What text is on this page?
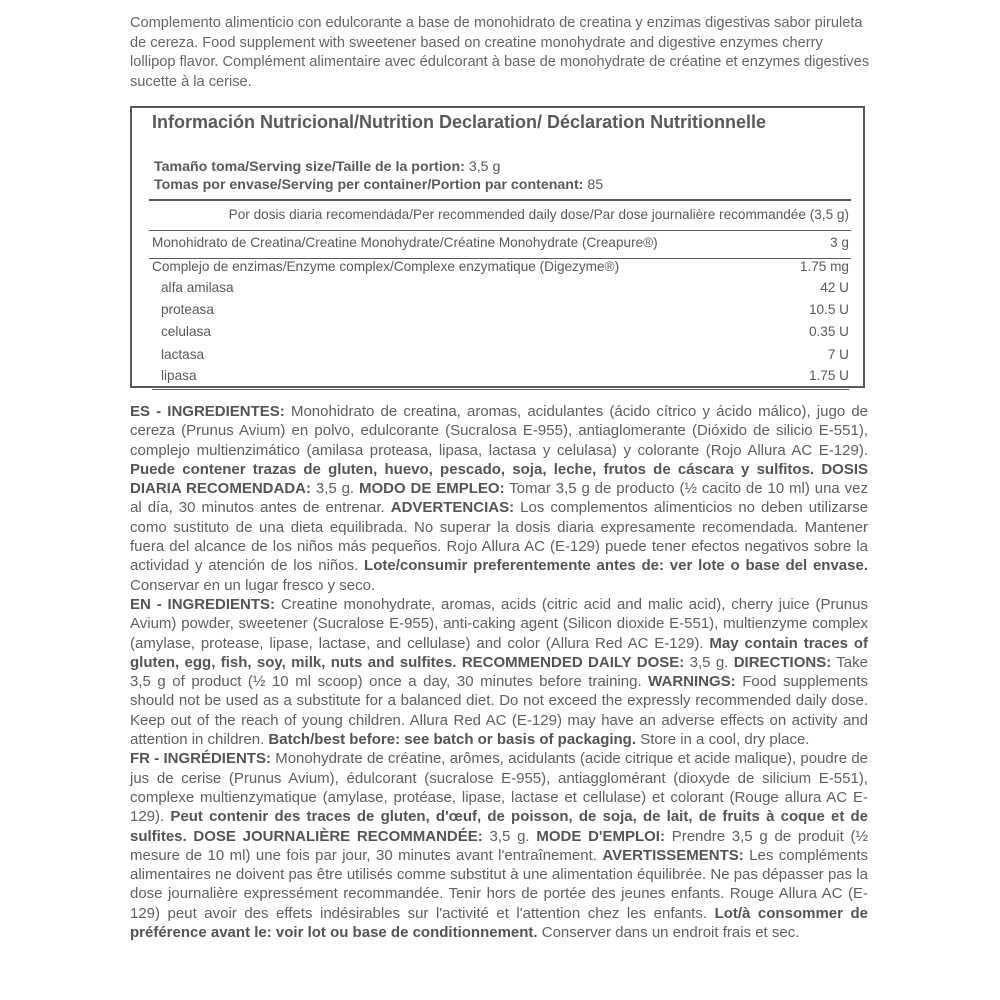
Complemento alimenticio con edulcorante a base de monohidrato de creatina y enzimas digestivas sabor piruleta de cereza. Food supplement with sweetener based on creatine monohydrate and digestive enzymes cherry lollipop flavor. Complément alimentaire avec édulcorant à base de monohydrate de créatine et enzymes digestives sucette à la cerise.

Información Nutricional/Nutrition Declaration/ Déclaration Nutritionnelle
Tamaño toma/Serving size/Taille de la portion: 3,5 g
Tomas por envase/Serving per container/Portion par contenant: 85
Por dosis diaria recomendada/Per recommended daily dose/Par dose journalière recommandée (3,5 g)
Monohidrato de Creatina/Creatine Monohydrate/Créatine Monohydrate (Creapure®)	3 g
Complejo de enzimas/Enzyme complex/Complexe enzymatique (Digezyme®)	1.75 mg
alfa amilasa	42 U
proteasa	10.5 U
celulasa	0.35 U
lactasa	7 U
lipasa	1.75 U

ES - INGREDIENTES: Monohidrato de creatina, aromas, acidulantes (ácido cítrico y ácido málico), jugo de cereza (Prunus Avium) en polvo, edulcorante (Sucralosa E-955), antiaglomerante (Dióxido de silicio E-551), complejo multienzimático (amilasa proteasa, lipasa, lactasa y celulasa) y colorante (Rojo Allura AC E-129). Puede contener trazas de gluten, huevo, pescado, soja, leche, frutos de cáscara y sulfitos. DOSIS DIARIA RECOMENDADA: 3,5 g. MODO DE EMPLEO: Tomar 3,5 g de producto (½ cacito de 10 ml) una vez al día, 30 minutos antes de entrenar. ADVERTENCIAS: Los complementos alimenticios no deben utilizarse como sustituto de una dieta equilibrada. No superar la dosis diaria expresamente recomendada. Mantener fuera del alcance de los niños más pequeños. Rojo Allura AC (E-129) puede tener efectos negativos sobre la actividad y atención de los niños. Lote/consumir preferentemente antes de: ver lote o base del envase. Conservar en un lugar fresco y seco.
EN - INGREDIENTS: Creatine monohydrate, aromas, acids (citric acid and malic acid), cherry juice (Prunus Avium) powder, sweetener (Sucralose E-955), anti-caking agent (Silicon dioxide E-551), multienzyme complex (amylase, protease, lipase, lactase, and cellulase) and color (Allura Red AC E-129). May contain traces of gluten, egg, fish, soy, milk, nuts and sulfites. RECOMMENDED DAILY DOSE: 3,5 g. DIRECTIONS: Take 3,5 g of product (½ 10 ml scoop) once a day, 30 minutes before training. WARNINGS: Food supplements should not be used as a substitute for a balanced diet. Do not exceed the expressly recommended daily dose. Keep out of the reach of young children. Allura Red AC (E-129) may have an adverse effects on activity and attention in children. Batch/best before: see batch or basis of packaging. Store in a cool, dry place.
FR - INGRÉDIENTS: Monohydrate de créatine, arômes, acidulants (acide citrique et acide malique), poudre de jus de cerise (Prunus Avium), édulcorant (sucralose E-955), antiagglomérant (dioxyde de silicium E-551), complexe multienzymatique (amylase, protéase, lipase, lactase et cellulase) et colorant (Rouge allura AC E-129). Peut contenir des traces de gluten, d'œuf, de poisson, de soja, de lait, de fruits à coque et de sulfites. DOSE JOURNALIÈRE RECOMMANDÉE: 3,5 g. MODE D'EMPLOI: Prendre 3,5 g de produit (½ mesure de 10 ml) une fois par jour, 30 minutes avant l'entraînement. AVERTISSEMENTS: Les compléments alimentaires ne doivent pas être utilisés comme substitut à une alimentation équilibrée. Ne pas dépasser pas la dose journalière expressément recommandée. Tenir hors de portée des jeunes enfants. Rouge Allura AC (E-129) peut avoir des effets indésirables sur l'activité et l'attention chez les enfants. Lot/à consommer de préférence avant le: voir lot ou base de conditionnement. Conserver dans un endroit frais et sec.
